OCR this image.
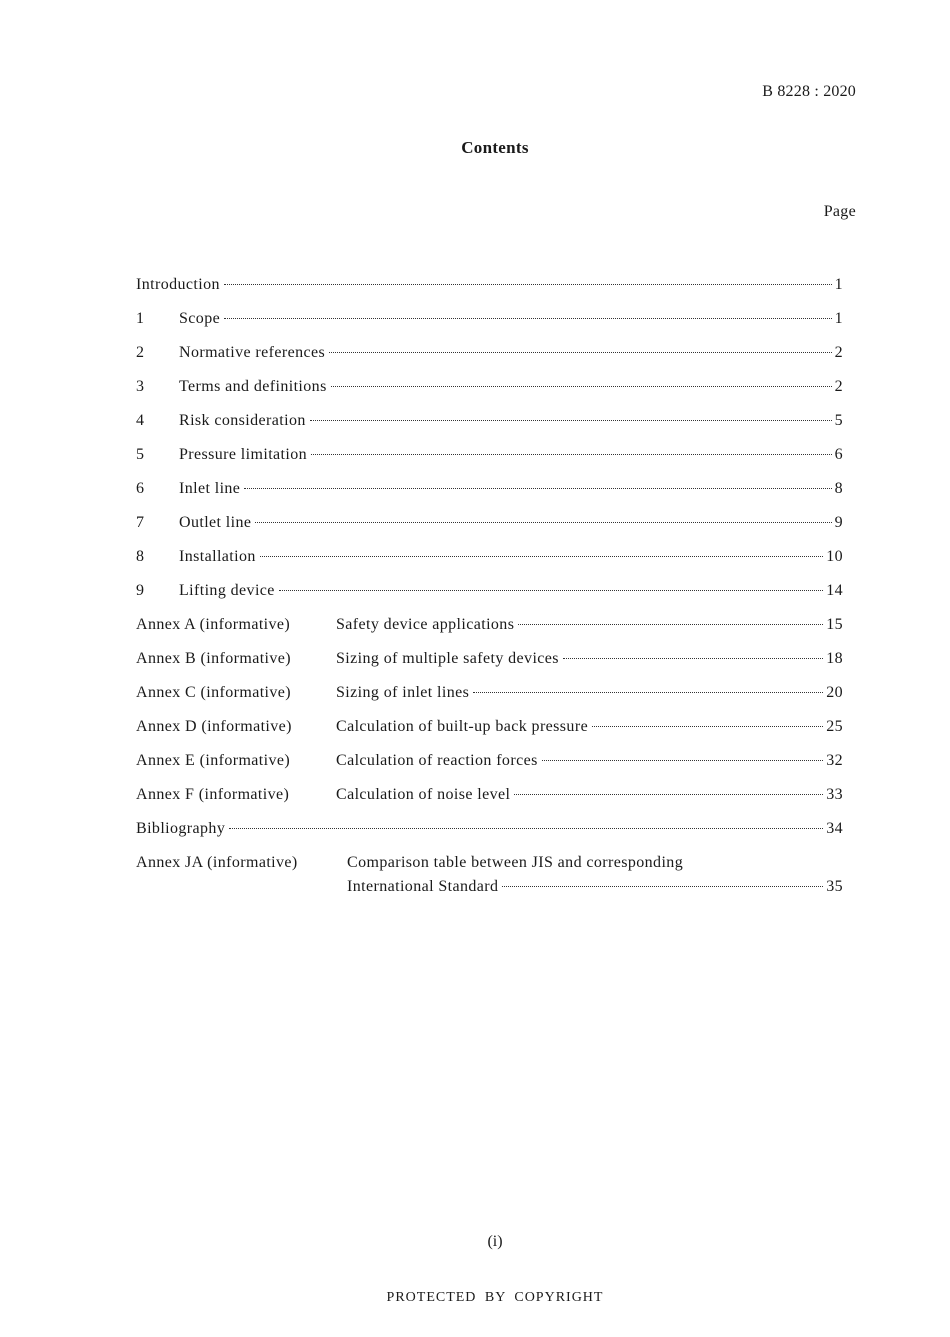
B 8228 : 2020
Contents
Page
Introduction	1
1	Scope	1
2	Normative references	2
3	Terms and definitions	2
4	Risk consideration	5
5	Pressure limitation	6
6	Inlet line	8
7	Outlet line	9
8	Installation	10
9	Lifting device	14
Annex A (informative)	Safety device applications	15
Annex B (informative)	Sizing of multiple safety devices	18
Annex C (informative)	Sizing of inlet lines	20
Annex D (informative)	Calculation of built-up back pressure	25
Annex E (informative)	Calculation of reaction forces	32
Annex F (informative)	Calculation of noise level	33
Bibliography	34
Annex JA (informative)	Comparison table between JIS and corresponding
International Standard	35
(i)
PROTECTED BY COPYRIGHT
